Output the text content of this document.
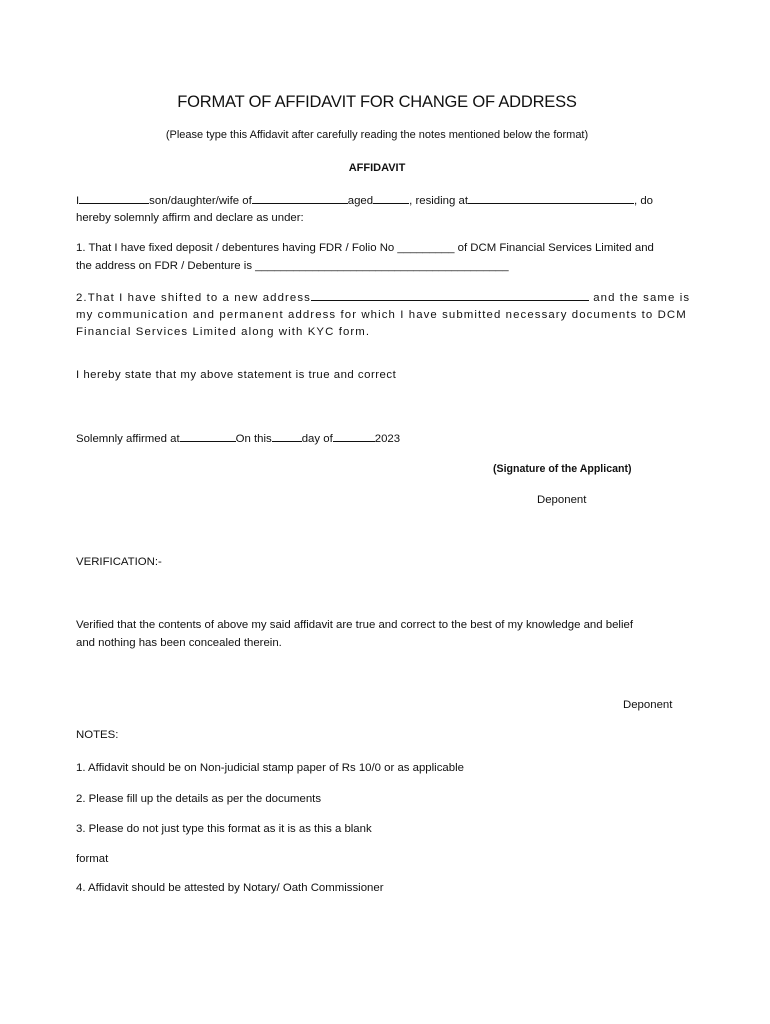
FORMAT OF AFFIDAVIT FOR CHANGE OF ADDRESS
(Please type this Affidavit after carefully reading the notes mentioned below the format)
AFFIDAVIT
I	son/daughter/wife of	aged	, residing at	, do
hereby solemnly affirm and declare as under:
1. That I have fixed deposit / debentures having FDR / Folio No _________ of DCM Financial Services Limited and
the address on FDR / Debenture is ________________________________________
2.That I have shifted to a new address	and the same is
my communication and permanent address for which I have submitted necessary documents to DCM
Financial Services Limited along with KYC form.
I hereby state that my above statement is true and correct
Solemnly affirmed at	On this	day of	2023
(Signature of the Applicant)
Deponent
VERIFICATION:-
Verified that the contents of above my said affidavit are true and correct to the best of my knowledge and belief
and nothing has been concealed therein.
Deponent
NOTES:
1. Affidavit should be on Non-judicial stamp paper of Rs 10/0 or as applicable
2. Please fill up the details as per the documents
3. Please do not just type this format as it is as this a blank
format
4. Affidavit should be attested by Notary/ Oath Commissioner
